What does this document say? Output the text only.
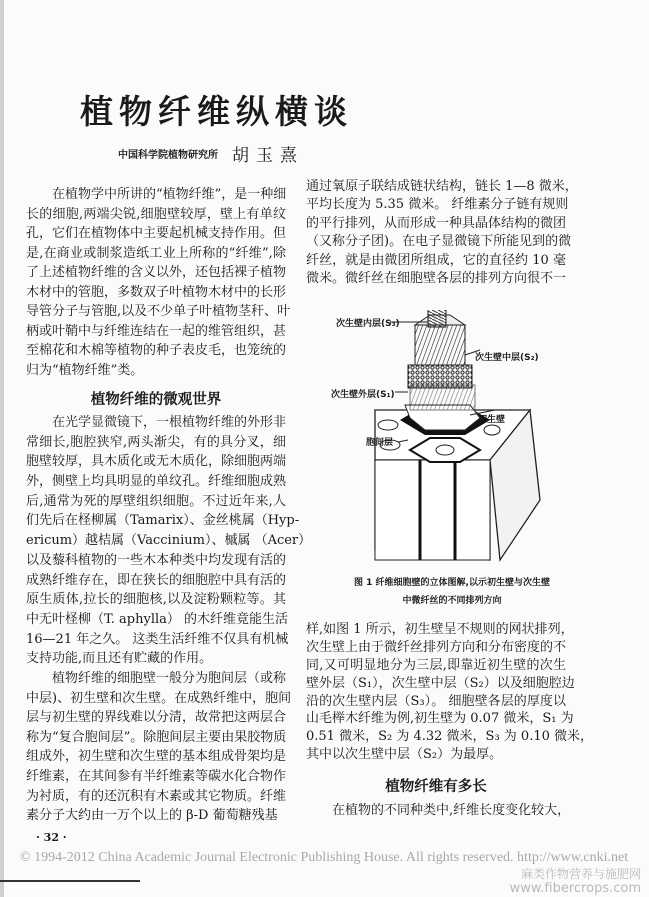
植物纤维纵横谈
中国科学院植物研究所 胡玉熹
在植物学中所讲的“植物纤维”，是一种细
长的细胞,两端尖锐,细胞壁较厚，壁上有单纹
孔，它们在植物体中主要起机械支持作用。但
是,在商业或制浆造纸工业上所称的“纤维”,除
了上述植物纤维的含义以外，还包括裸子植物
木材中的管胞，多数双子叶植物木材中的长形
导管分子与管胞,以及不少单子叶植物茎秆、叶
柄或叶鞘中与纤维连结在一起的维管组织，甚
至棉花和木棉等植物的种子表皮毛，也笼统的
归为“植物纤维”类。
植物纤维的微观世界
在光学显微镜下，一根植物纤维的外形非
常细长,胞腔狭窄,两头渐尖，有的具分叉，细
胞壁较厚，具木质化或无木质化，除细胞两端
外，侧壁上均具明显的单纹孔。纤维细胞成熟
后,通常为死的厚壁组织细胞。不过近年来,人
们先后在柽柳属（Tamarix）、金丝桃属（Hyp-
ericum）越桔属（Vaccinium）、槭属 （Acer）
以及藜科植物的一些木本种类中均发现有活的
成熟纤维存在，即在狭长的细胞腔中具有活的
原生质体,拉长的细胞核,以及淀粉颗粒等。其
中无叶柽柳（T. aphylla） 的木纤维竟能生活
16—21 年之久。 这类生活纤维不仅具有机械
支持功能,而且还有贮藏的作用。
植物纤维的细胞壁一般分为胞间层（或称
中层)、初生壁和次生壁。在成熟纤维中，胞间
层与初生壁的界线难以分清，故常把这两层合
称为“复合胞间层”。除胞间层主要由果胶物质
组成外，初生壁和次生壁的基本组成骨架均是
纤维素，在其间参有半纤维素等碳水化合物作
为衬质，有的还沉积有木素或其它物质。纤维
素分子大约由一万个以上的 β-D 葡萄糖残基
通过氧原子联结成链状结构，链长 1—8 微米，
平均长度为 5.35 微米。 纤维素分子链有规则
的平行排列，从而形成一种具晶体结构的微团
（又称分子团)。在电子显微镜下所能见到的微
纤丝，就是由微团所组成，它的直径约 10 毫
微米。微纤丝在细胞壁各层的排列方向很不一
次生壁内层(S₃)
次生壁中层(S₂)
次生壁外层(S₁)
初生壁
胞间层
图 1 纤维细胞壁的立体图解,以示初生壁与次生壁
中微纤丝的不同排列方向
样,如图 1 所示，初生壁呈不规则的网状排列，
次生壁上由于微纤丝排列方向和分布密度的不
同,又可明显地分为三层,即靠近初生壁的次生
壁外层（S₁），次生壁中层（S₂）以及细胞腔边
沿的次生壁内层（S₃）。 细胞壁各层的厚度以
山毛榉木纤维为例,初生壁为 0.07 微米，S₁ 为
0.51 微米，S₂ 为 4.32 微米，S₃ 为 0.10 微米，
其中以次生壁中层（S₂）为最厚。
植物纤维有多长
在植物的不同种类中,纤维长度变化较大，
· 32 ·
© 1994-2012 China Academic Journal Electronic Publishing House. All rights reserved. http://www.cnki.net
麻类作物营养与施肥网
www.fibercrops.com
